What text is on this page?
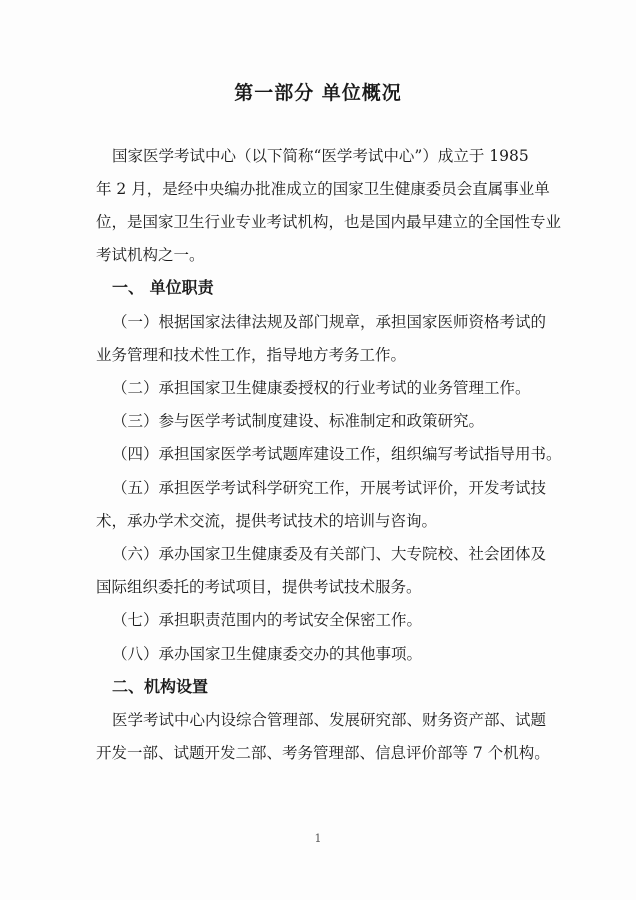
第一部分 单位概况
国家医学考试中心（以下简称“医学考试中心”）成立于 1985
年 2 月，是经中央编办批准成立的国家卫生健康委员会直属事业单
位，是国家卫生行业专业考试机构，也是国内最早建立的全国性专业
考试机构之一。
一、 单位职责
（一）根据国家法律法规及部门规章，承担国家医师资格考试的
业务管理和技术性工作，指导地方考务工作。
（二）承担国家卫生健康委授权的行业考试的业务管理工作。
（三）参与医学考试制度建设、标准制定和政策研究。
（四）承担国家医学考试题库建设工作，组织编写考试指导用书。
（五）承担医学考试科学研究工作，开展考试评价，开发考试技
术，承办学术交流，提供考试技术的培训与咨询。
（六）承办国家卫生健康委及有关部门、大专院校、社会团体及
国际组织委托的考试项目，提供考试技术服务。
（七）承担职责范围内的考试安全保密工作。
（八）承办国家卫生健康委交办的其他事项。
二、机构设置
医学考试中心内设综合管理部、发展研究部、财务资产部、试题
开发一部、试题开发二部、考务管理部、信息评价部等 7 个机构。
1
